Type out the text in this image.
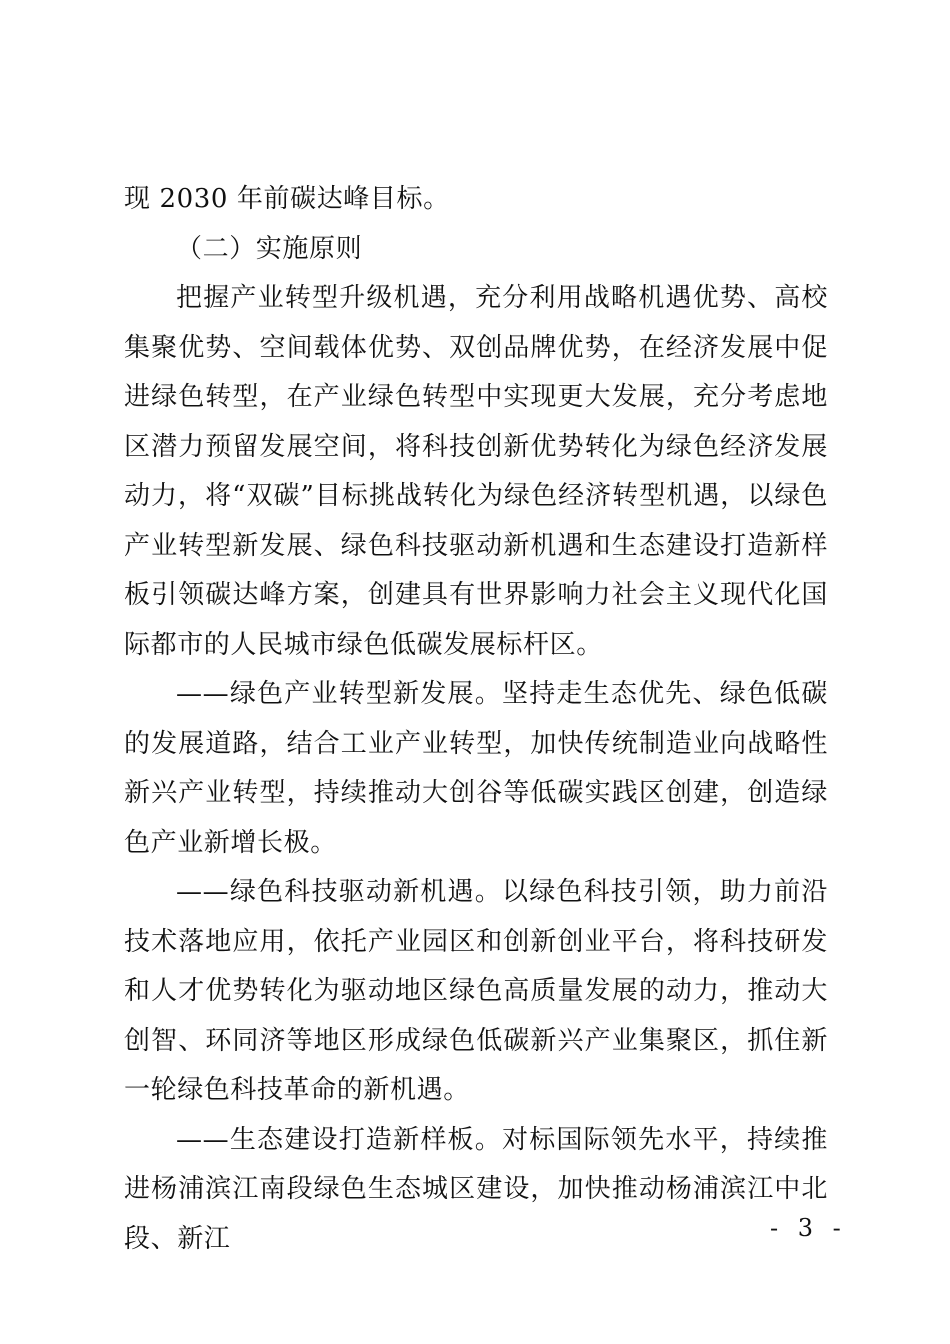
现 2030 年前碳达峰目标。

（二）实施原则

把握产业转型升级机遇，充分利用战略机遇优势、高校集聚优势、空间载体优势、双创品牌优势，在经济发展中促进绿色转型，在产业绿色转型中实现更大发展，充分考虑地区潜力预留发展空间，将科技创新优势转化为绿色经济发展动力，将“双碳”目标挑战转化为绿色经济转型机遇，以绿色产业转型新发展、绿色科技驱动新机遇和生态建设打造新样板引领碳达峰方案，创建具有世界影响力社会主义现代化国际都市的人民城市绿色低碳发展标杆区。

——绿色产业转型新发展。坚持走生态优先、绿色低碳的发展道路，结合工业产业转型，加快传统制造业向战略性新兴产业转型，持续推动大创谷等低碳实践区创建，创造绿色产业新增长极。

——绿色科技驱动新机遇。以绿色科技引领，助力前沿技术落地应用，依托产业园区和创新创业平台，将科技研发和人才优势转化为驱动地区绿色高质量发展的动力，推动大创智、环同济等地区形成绿色低碳新兴产业集聚区，抓住新一轮绿色科技革命的新机遇。

——生态建设打造新样板。对标国际领先水平，持续推进杨浦滨江南段绿色生态城区建设，加快推动杨浦滨江中北段、新江	- 3 -
